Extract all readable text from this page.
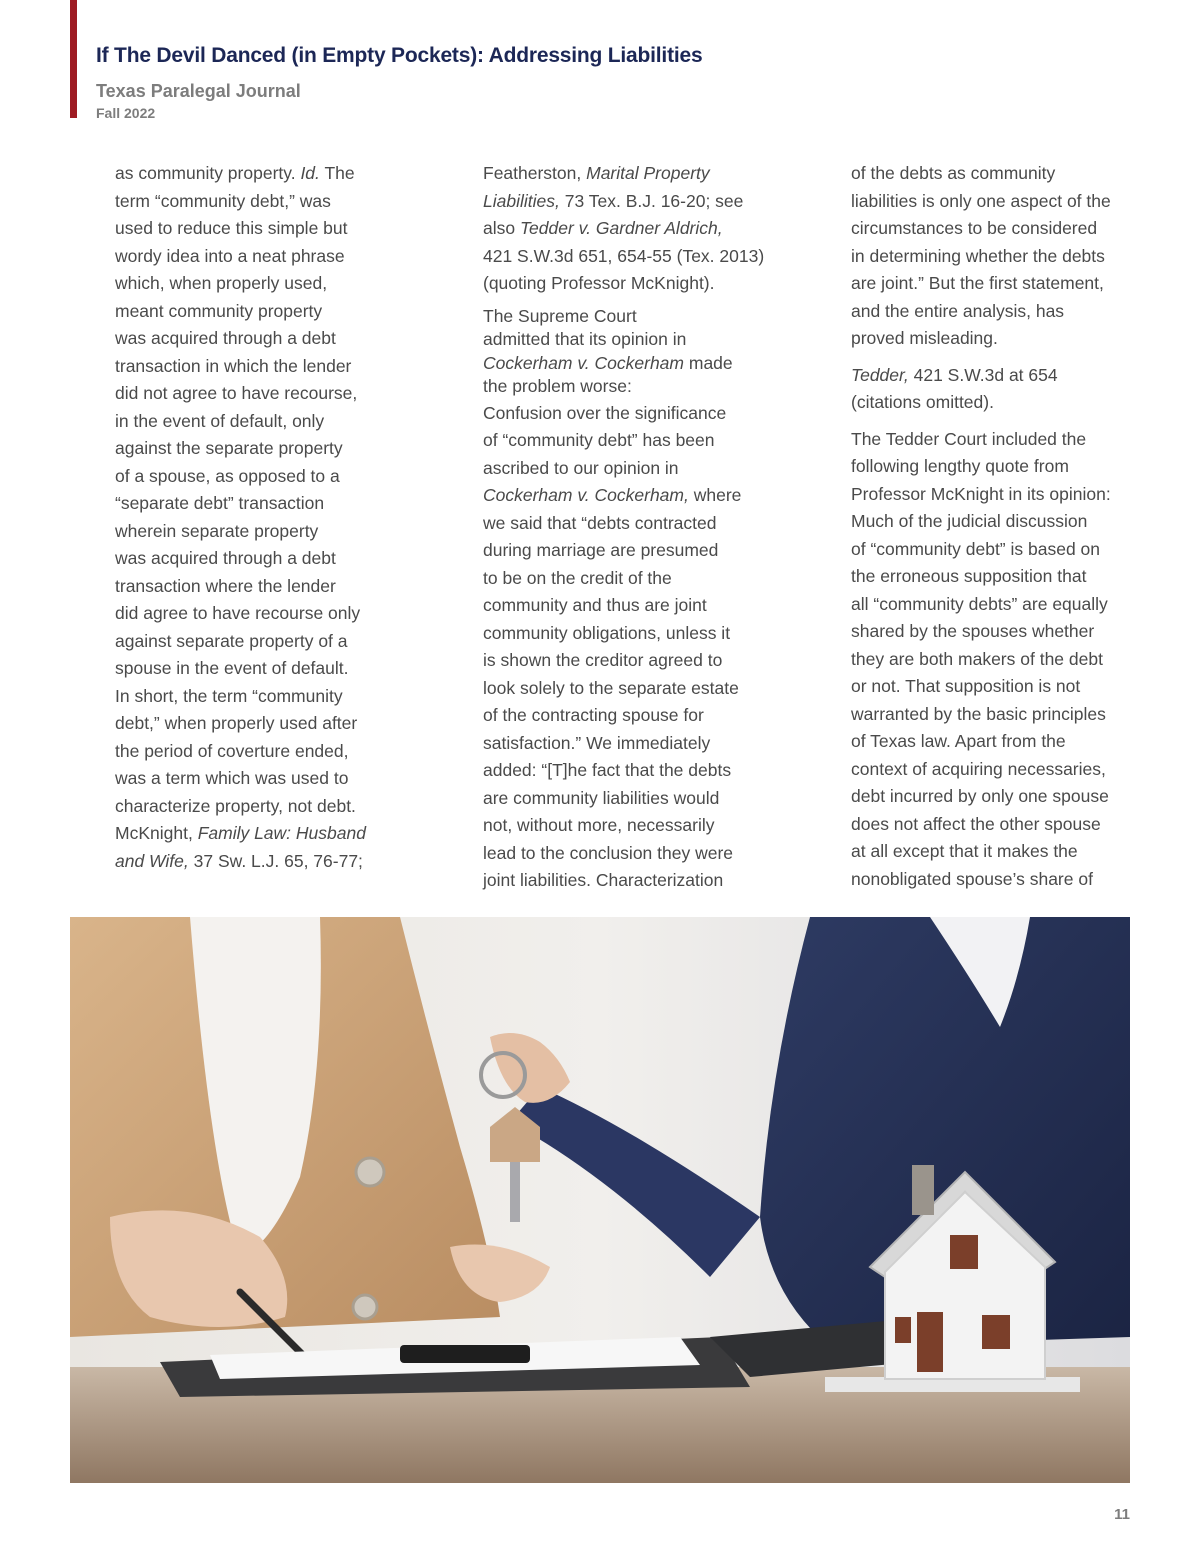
If The Devil Danced (in Empty Pockets): Addressing Liabilities
Texas Paralegal Journal
Fall 2022

as community property. Id. The

term “community debt,” was

used to reduce this simple but

wordy idea into a neat phrase

which, when properly used,

meant community property

was acquired through a debt

transaction in which the lender

did not agree to have recourse,

in the event of default, only

against the separate property

of a spouse, as opposed to a

“separate debt” transaction

wherein separate property

was acquired through a debt

transaction where the lender

did agree to have recourse only

against separate property of a

spouse in the event of default.

In short, the term “community

debt,” when properly used after

the period of coverture ended,

was a term which was used to

characterize property, not debt.

McKnight, Family Law: Husband

and Wife, 37 Sw. L.J. 65, 76-77;

Featherston, Marital Property

Liabilities, 73 Tex. B.J. 16-20; see

also Tedder v. Gardner Aldrich,

421 S.W.3d 651, 654-55 (Tex. 2013)

(quoting Professor McKnight).

The Supreme Court

admitted that its opinion in

Cockerham v. Cockerham made

the problem worse:

Confusion over the significance

of “community debt” has been

ascribed to our opinion in

Cockerham v. Cockerham, where

we said that “debts contracted

during marriage are presumed

to be on the credit of the

community and thus are joint

community obligations, unless it

is shown the creditor agreed to

look solely to the separate estate

of the contracting spouse for

satisfaction.” We immediately

added: “[T]he fact that the debts

are community liabilities would

not, without more, necessarily

lead to the conclusion they were

joint liabilities. Characterization

of the debts as community

liabilities is only one aspect of the

circumstances to be considered

in determining whether the debts

are joint.” But the first statement,

and the entire analysis, has

proved misleading.

Tedder, 421 S.W.3d at 654

(citations omitted).

The Tedder Court included the

following lengthy quote from

Professor McKnight in its opinion:

Much of the judicial discussion

of “community debt” is based on

the erroneous supposition that

all “community debts” are equally

shared by the spouses whether

they are both makers of the debt

or not. That supposition is not

warranted by the basic principles

of Texas law. Apart from the

context of acquiring necessaries,

debt incurred by only one spouse

does not affect the other spouse

at all except that it makes the

nonobligated spouse’s share of

11
